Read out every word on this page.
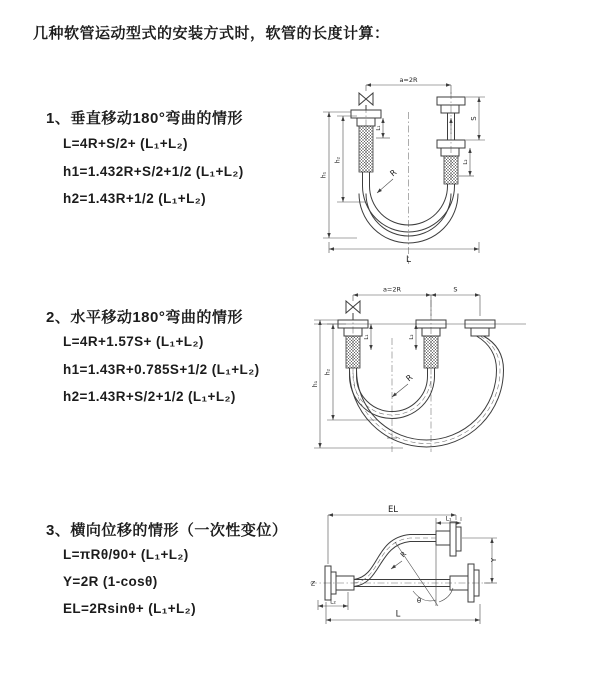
几种软管运动型式的安装方式时，软管的长度计算：
1、垂直移动180°弯曲的情形
L=4R+S/2+ (L₁+L₂)
h1=1.432R+S/2+1/2 (L₁+L₂)
h2=1.43R+1/2 (L₁+L₂)
2、水平移动180°弯曲的情形
L=4R+1.57S+ (L₁+L₂)
h1=1.43R+0.785S+1/2 (L₁+L₂)
h2=1.43R+S/2+1/2 (L₁+L₂)
3、横向位移的情形（一次性变位）
L=πRθ/90+ (L₁+L₂)
Y=2R (1-cosθ)
EL=2Rsinθ+ (L₁+L₂)
a=2R
S
L₂
L₁
h₁
h₂
R
L
a=2R	S
L₁	L₂
h₁
h₂
R
Z
EL
L₁
Y
R
θ
L₂
L
